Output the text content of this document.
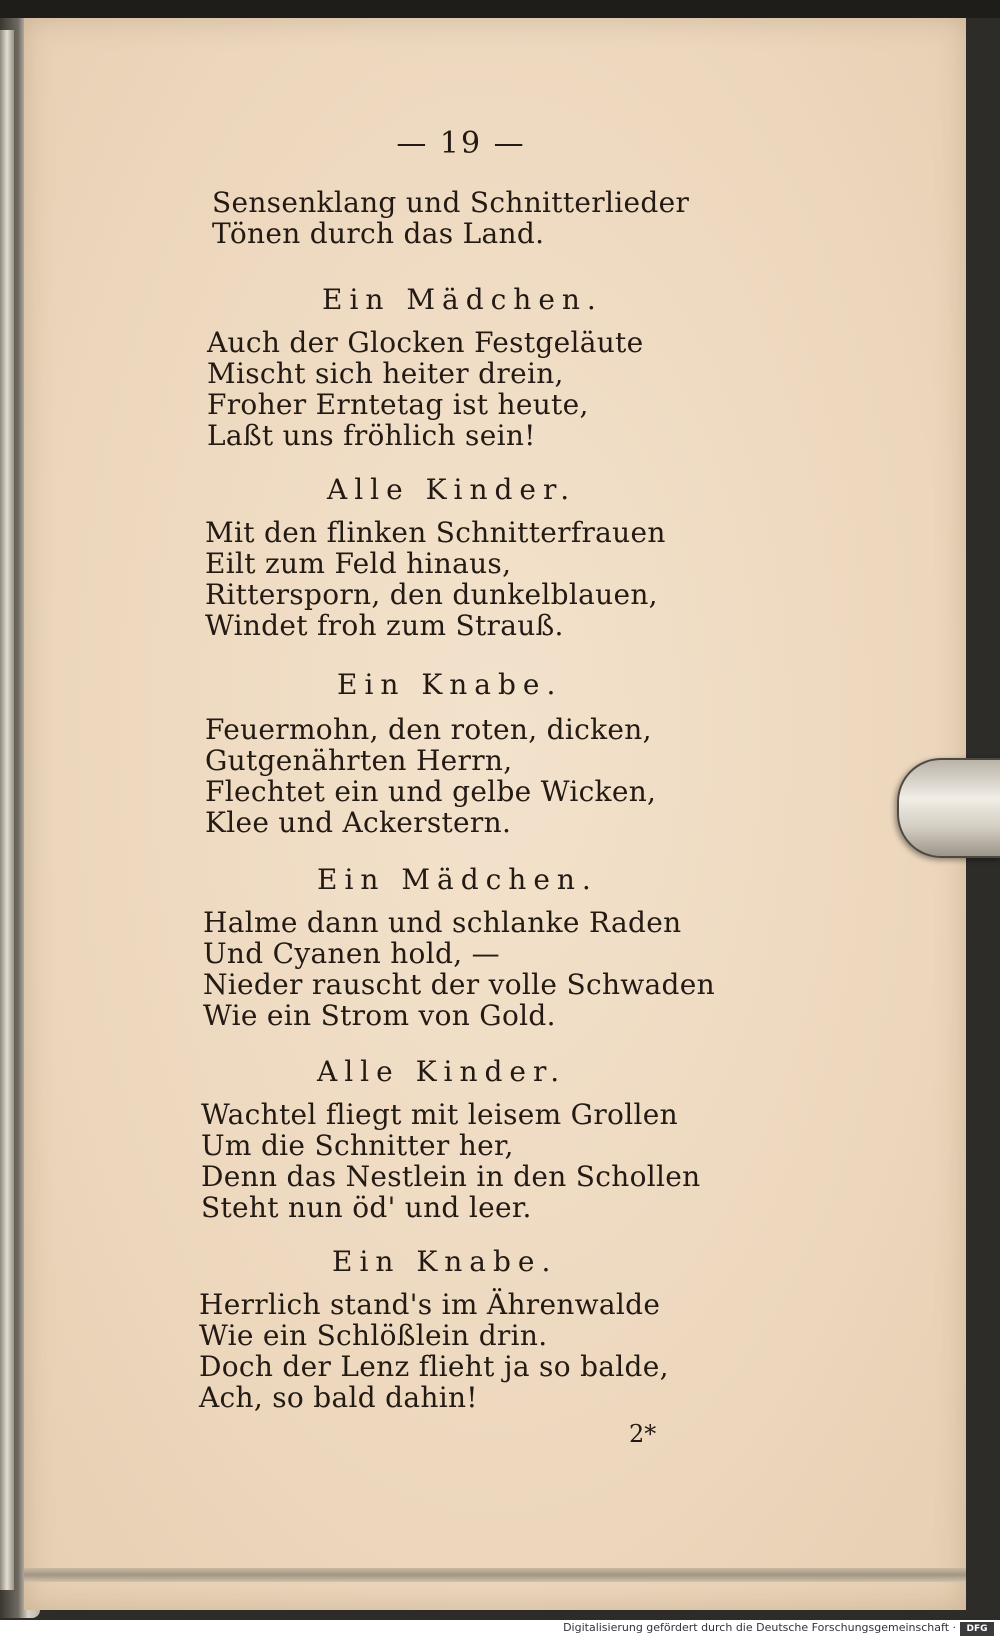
— 19 —
Sensenklang und Schnitterlieder
Tönen durch das Land.
Ein Mädchen.
Auch der Glocken Festgeläute
Mischt sich heiter drein,
Froher Erntetag ist heute,
Laßt uns fröhlich sein!
Alle Kinder.
Mit den flinken Schnitterfrauen
Eilt zum Feld hinaus,
Rittersporn, den dunkelblauen,
Windet froh zum Strauß.
Ein Knabe.
Feuermohn, den roten, dicken,
Gutgenährten Herrn,
Flechtet ein und gelbe Wicken,
Klee und Ackerstern.
Ein Mädchen.
Halme dann und schlanke Raden
Und Cyanen hold, —
Nieder rauscht der volle Schwaden
Wie ein Strom von Gold.
Alle Kinder.
Wachtel fliegt mit leisem Grollen
Um die Schnitter her,
Denn das Nestlein in den Schollen
Steht nun öd' und leer.
Ein Knabe.
Herrlich stand's im Ährenwalde
Wie ein Schlößlein drin.
Doch der Lenz flieht ja so balde,
Ach, so bald dahin!
2*
Digitalisierung gefördert durch die Deutsche Forschungsgemeinschaft ·	DFG
